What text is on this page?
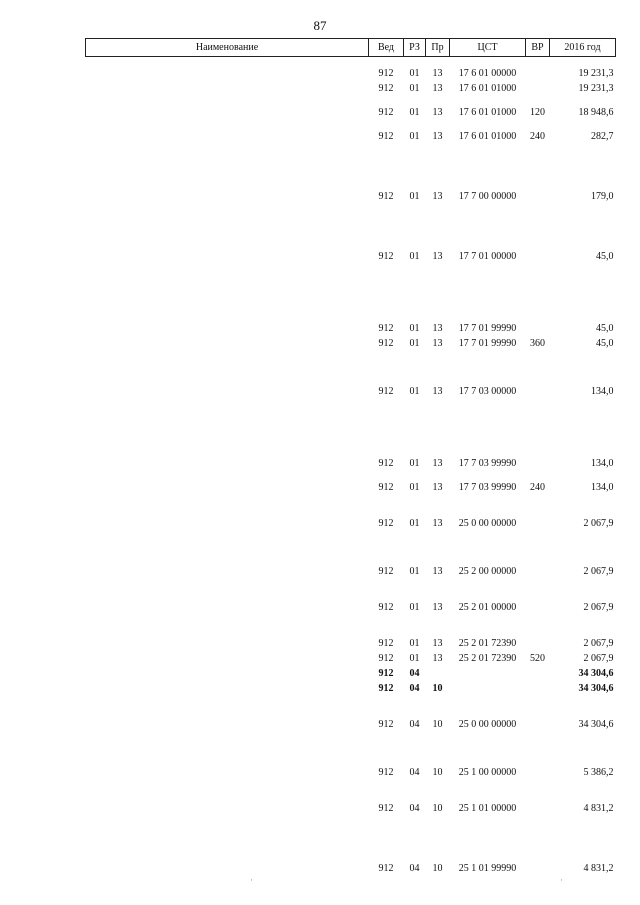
87
Наименование	Вед	РЗ	Пр	ЦСТ	ВР	2016 год
	912	01	13	17 6 01 00000		19 231,3
	912	01	13	17 6 01 01000		19 231,3
	912	01	13	17 6 01 01000	120	18 948,6
	912	01	13	17 6 01 01000	240	282,7
	912	01	13	17 7 00 00000		179,0
	912	01	13	17 7 01 00000		45,0
	912	01	13	17 7 01 99990		45,0
	912	01	13	17 7 01 99990	360	45,0
	912	01	13	17 7 03 00000		134,0
	912	01	13	17 7 03 99990		134,0
	912	01	13	17 7 03 99990	240	134,0
	912	01	13	25 0 00 00000		2 067,9
	912	01	13	25 2 00 00000		2 067,9
	912	01	13	25 2 01 00000		2 067,9
	912	01	13	25 2 01 72390		2 067,9
	912	01	13	25 2 01 72390	520	2 067,9
	912	04				34 304,6
	912	04	10			34 304,6
	912	04	10	25 0 00 00000		34 304,6
	912	04	10	25 1 00 00000		5 386,2
	912	04	10	25 1 01 00000		4 831,2
	912	04	10	25 1 01 99990		4 831,2
·	·
